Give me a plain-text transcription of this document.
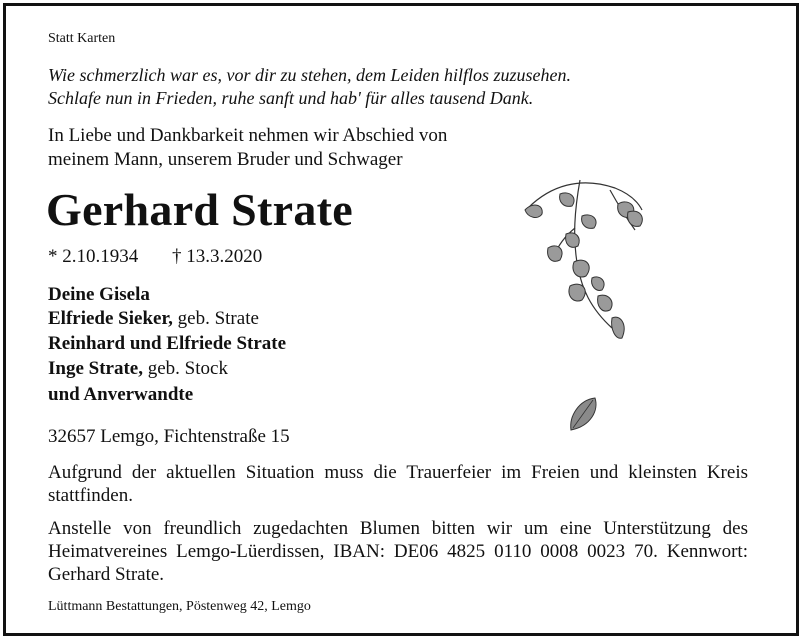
Statt Karten

Wie schmerzlich war es, vor dir zu stehen, dem Leiden hilflos zuzusehen.

Schlafe nun in Frieden, ruhe sanft und hab' für alles tausend Dank.

In Liebe und Dankbarkeit nehmen wir Abschied von

meinem Mann, unserem Bruder und Schwager

Gerhard Strate

* 2.10.1934 † 13.3.2020

Deine Gisela

Elfriede Sieker, geb. Strate

Reinhard und Elfriede Strate

Inge Strate, geb. Stock

und Anverwandte

32657 Lemgo, Fichtenstraße 15

Aufgrund der aktuellen Situation muss die Trauerfeier im Freien und kleinsten Kreis stattfinden.

Anstelle von freundlich zugedachten Blumen bitten wir um eine Unterstützung des Heimatvereines Lemgo-Lüerdissen, IBAN: DE06 4825 0110 0008 0023 70. Kennwort: Gerhard Strate.

Lüttmann Bestattungen, Pöstenweg 42, Lemgo
